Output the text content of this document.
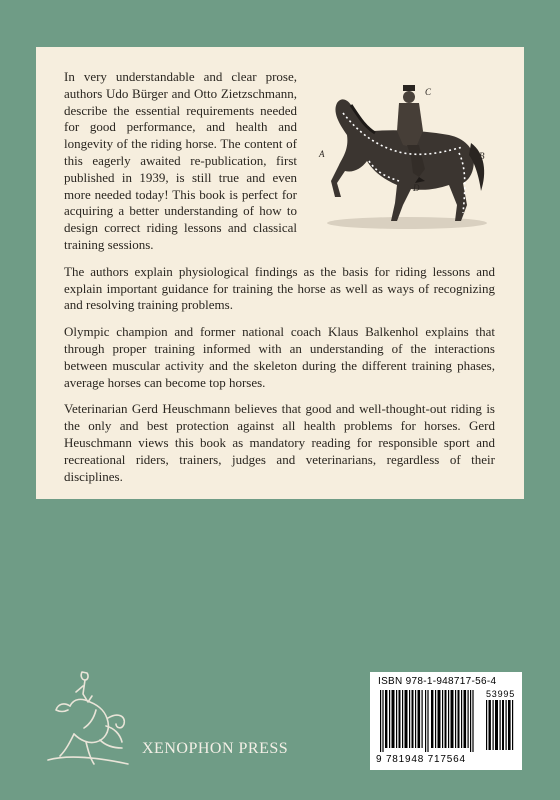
A	B
C
D

In very understandable and clear prose, authors Udo Bürger and Otto Zietzschmann, describe the essential requirements needed for good performance, and health and longevity of the riding horse. The content of this eagerly awaited re-publication, first published in 1939, is still true and even more needed today! This book is perfect for acquiring a better understanding of how to design correct riding lessons and classical training sessions.

The authors explain physiological findings as the basis for riding lessons and explain important guidance for training the horse as well as ways of recognizing and resolving training problems.

Olympic champion and former national coach Klaus Balkenhol explains that through proper training informed with an understanding of the interactions between muscular activity and the skeleton during the different training phases, average horses can become top horses.

Veterinarian Gerd Heuschmann believes that good and well-thought-out riding is the only and best protection against all health problems for horses. Gerd Heuschmann views this book as mandatory reading for responsible sport and recreational riders, trainers, judges and veterinarians, regardless of their disciplines.

XENOPHON PRESS
ISBN 978-1-948717-56-4
53995
9 781948 717564
